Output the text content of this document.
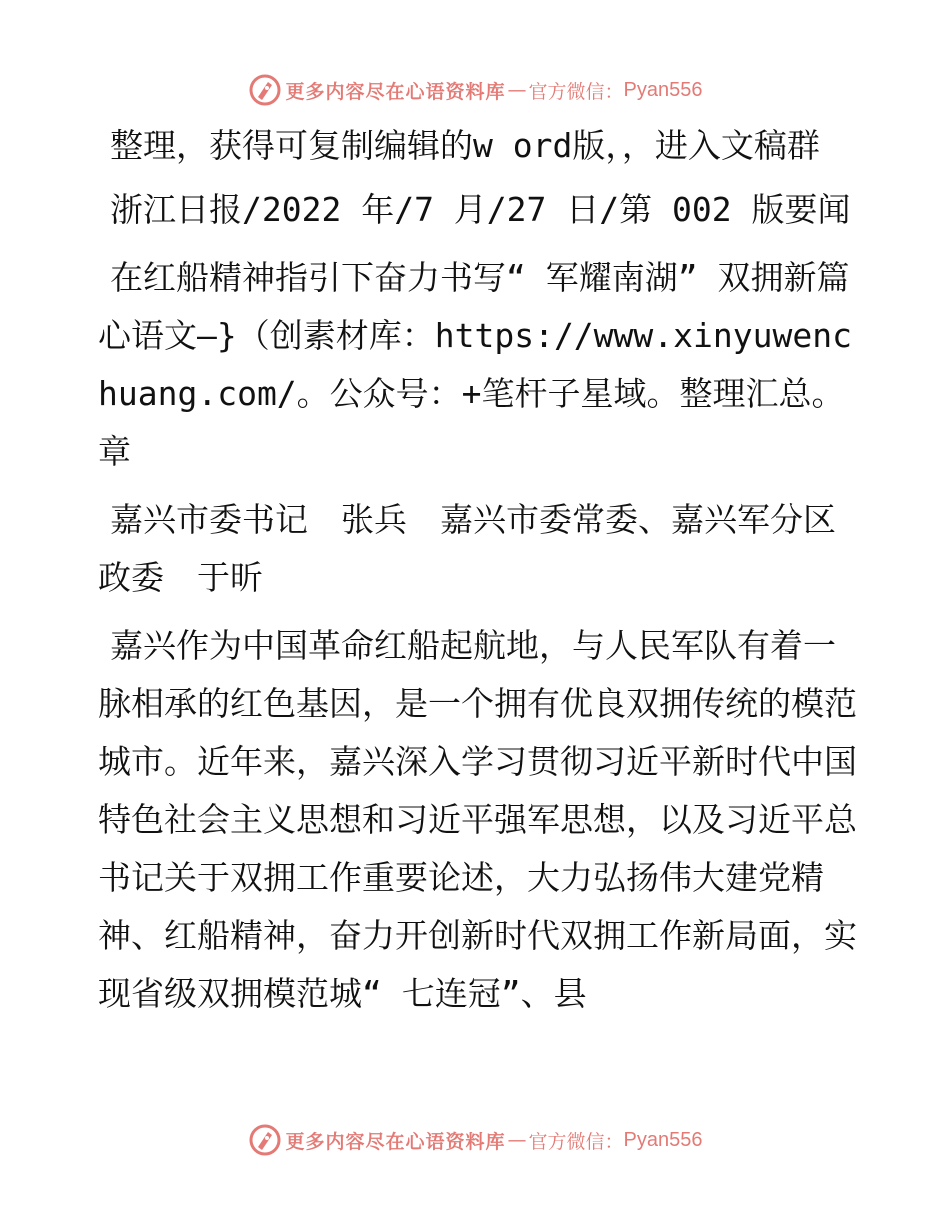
更多内容尽在心语资料库 — 官方微信： Pyan556

整理，获得可复制编辑的w ord版，，进入文稿群

浙江日报/2022 年/7 月/27 日/第 002 版要闻

在红船精神指引下奋力书写“ 军耀南湖” 双拥新篇心语文—}（创素材库：https://www.xinyuwenchuang.com/。公众号：+笔杆子星域。整理汇总。章

嘉兴市委书记　张兵　嘉兴市委常委、嘉兴军分区政委　于昕

嘉兴作为中国革命红船起航地，与人民军队有着一脉相承的红色基因，是一个拥有优良双拥传统的模范城市。近年来，嘉兴深入学习贯彻习近平新时代中国特色社会主义思想和习近平强军思想，以及习近平总书记关于双拥工作重要论述，大力弘扬伟大建党精神、红船精神，奋力开创新时代双拥工作新局面，实现省级双拥模范城“ 七连冠”、县

更多内容尽在心语资料库 — 官方微信： Pyan556
